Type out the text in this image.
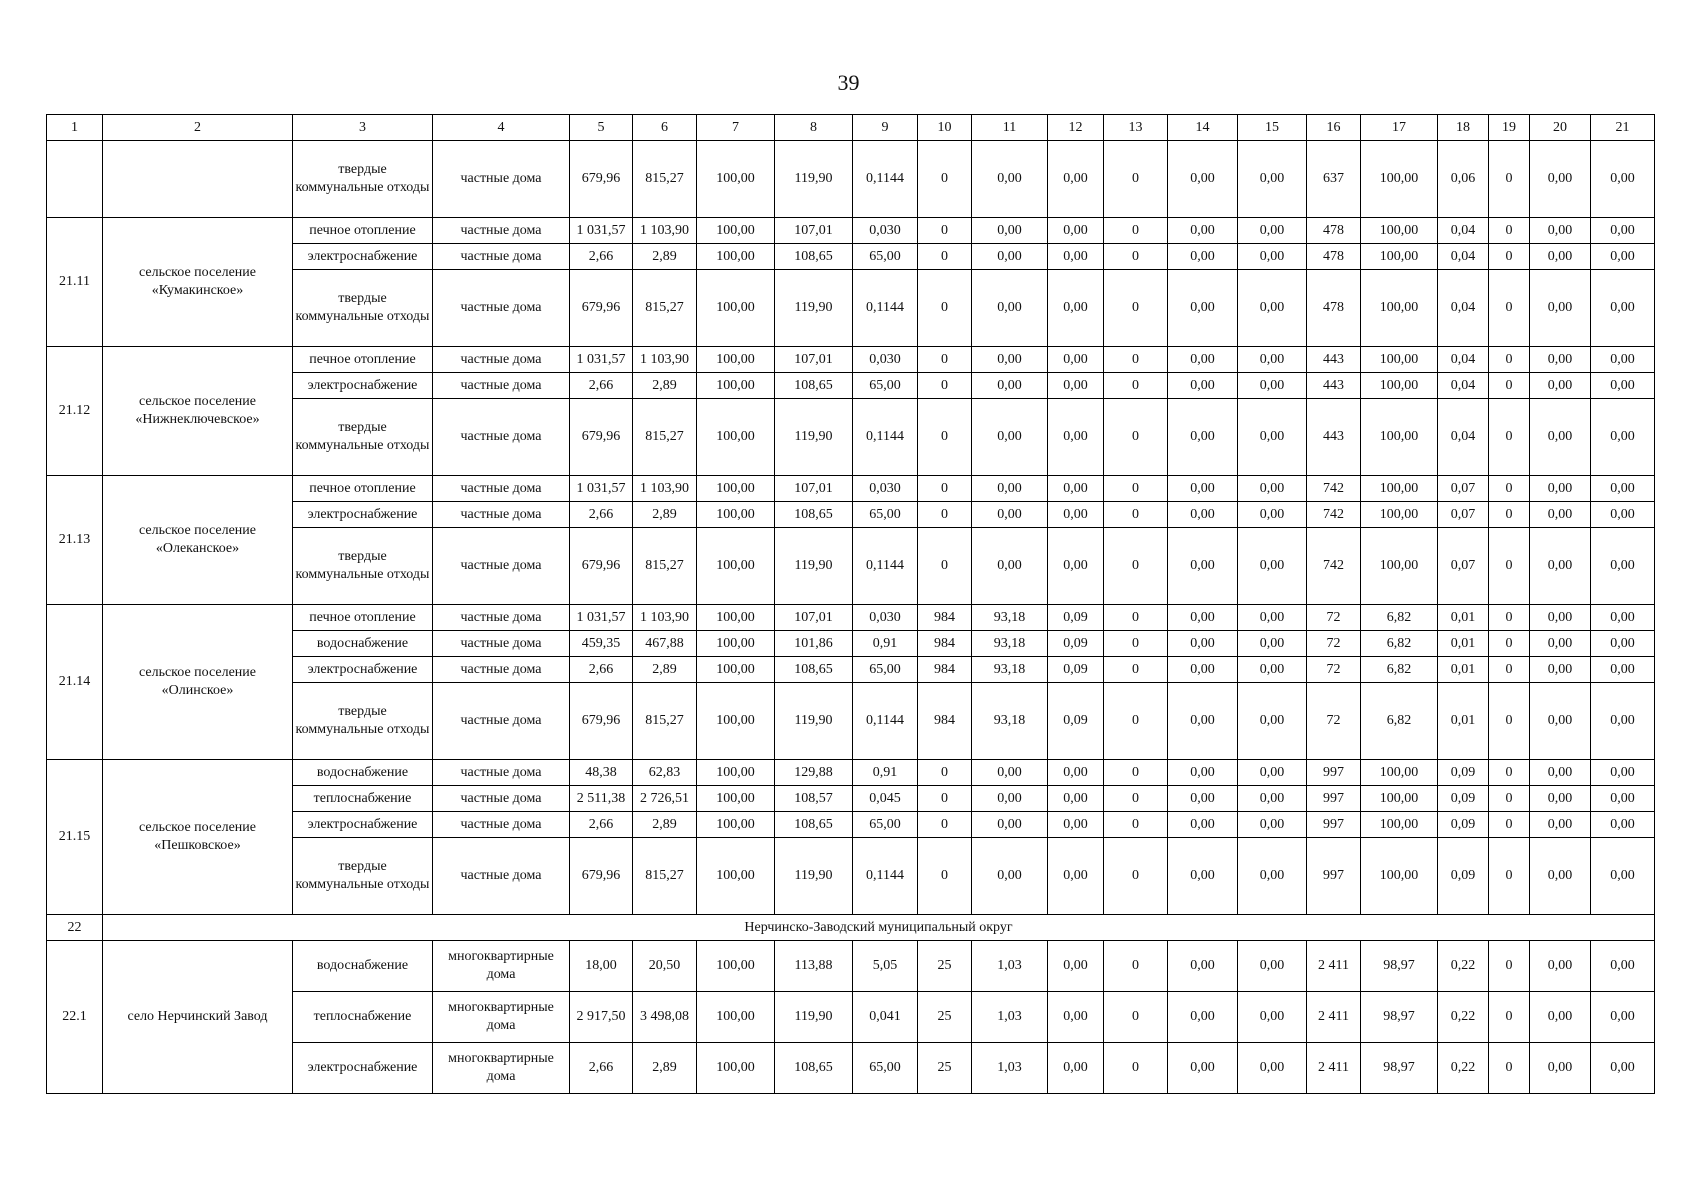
39
1	2	3	4	5	6	7	8	9	10	11	12	13	14	15	16	17	18	19	20	21
		твердые коммунальные отходы	частные дома	679,96	815,27	100,00	119,90	0,1144	0	0,00	0,00	0	0,00	0,00	637	100,00	0,06	0	0,00	0,00
21.11	сельское поселение «Кумакинское»	печное отопление	частные дома	1 031,57	1 103,90	100,00	107,01	0,030	0	0,00	0,00	0	0,00	0,00	478	100,00	0,04	0	0,00	0,00
		электроснабжение	частные дома	2,66	2,89	100,00	108,65	65,00	0	0,00	0,00	0	0,00	0,00	478	100,00	0,04	0	0,00	0,00
		твердые коммунальные отходы	частные дома	679,96	815,27	100,00	119,90	0,1144	0	0,00	0,00	0	0,00	0,00	478	100,00	0,04	0	0,00	0,00
21.12	сельское поселение «Нижнеключевское»	печное отопление	частные дома	1 031,57	1 103,90	100,00	107,01	0,030	0	0,00	0,00	0	0,00	0,00	443	100,00	0,04	0	0,00	0,00
		электроснабжение	частные дома	2,66	2,89	100,00	108,65	65,00	0	0,00	0,00	0	0,00	0,00	443	100,00	0,04	0	0,00	0,00
		твердые коммунальные отходы	частные дома	679,96	815,27	100,00	119,90	0,1144	0	0,00	0,00	0	0,00	0,00	443	100,00	0,04	0	0,00	0,00
21.13	сельское поселение «Олеканское»	печное отопление	частные дома	1 031,57	1 103,90	100,00	107,01	0,030	0	0,00	0,00	0	0,00	0,00	742	100,00	0,07	0	0,00	0,00
		электроснабжение	частные дома	2,66	2,89	100,00	108,65	65,00	0	0,00	0,00	0	0,00	0,00	742	100,00	0,07	0	0,00	0,00
		твердые коммунальные отходы	частные дома	679,96	815,27	100,00	119,90	0,1144	0	0,00	0,00	0	0,00	0,00	742	100,00	0,07	0	0,00	0,00
21.14	сельское поселение «Олинское»	печное отопление	частные дома	1 031,57	1 103,90	100,00	107,01	0,030	984	93,18	0,09	0	0,00	0,00	72	6,82	0,01	0	0,00	0,00
		водоснабжение	частные дома	459,35	467,88	100,00	101,86	0,91	984	93,18	0,09	0	0,00	0,00	72	6,82	0,01	0	0,00	0,00
		электроснабжение	частные дома	2,66	2,89	100,00	108,65	65,00	984	93,18	0,09	0	0,00	0,00	72	6,82	0,01	0	0,00	0,00
		твердые коммунальные отходы	частные дома	679,96	815,27	100,00	119,90	0,1144	984	93,18	0,09	0	0,00	0,00	72	6,82	0,01	0	0,00	0,00
21.15	сельское поселение «Пешковское»	водоснабжение	частные дома	48,38	62,83	100,00	129,88	0,91	0	0,00	0,00	0	0,00	0,00	997	100,00	0,09	0	0,00	0,00
		теплоснабжение	частные дома	2 511,38	2 726,51	100,00	108,57	0,045	0	0,00	0,00	0	0,00	0,00	997	100,00	0,09	0	0,00	0,00
		электроснабжение	частные дома	2,66	2,89	100,00	108,65	65,00	0	0,00	0,00	0	0,00	0,00	997	100,00	0,09	0	0,00	0,00
		твердые коммунальные отходы	частные дома	679,96	815,27	100,00	119,90	0,1144	0	0,00	0,00	0	0,00	0,00	997	100,00	0,09	0	0,00	0,00
22	Нерчинско-Заводский муниципальный округ																			
22.1	село Нерчинский Завод	водоснабжение	многоквартирные дома	18,00	20,50	100,00	113,88	5,05	25	1,03	0,00	0	0,00	0,00	2 411	98,97	0,22	0	0,00	0,00
		теплоснабжение	многоквартирные дома	2 917,50	3 498,08	100,00	119,90	0,041	25	1,03	0,00	0	0,00	0,00	2 411	98,97	0,22	0	0,00	0,00
		электроснабжение	многоквартирные дома	2,66	2,89	100,00	108,65	65,00	25	1,03	0,00	0	0,00	0,00	2 411	98,97	0,22	0	0,00	0,00
